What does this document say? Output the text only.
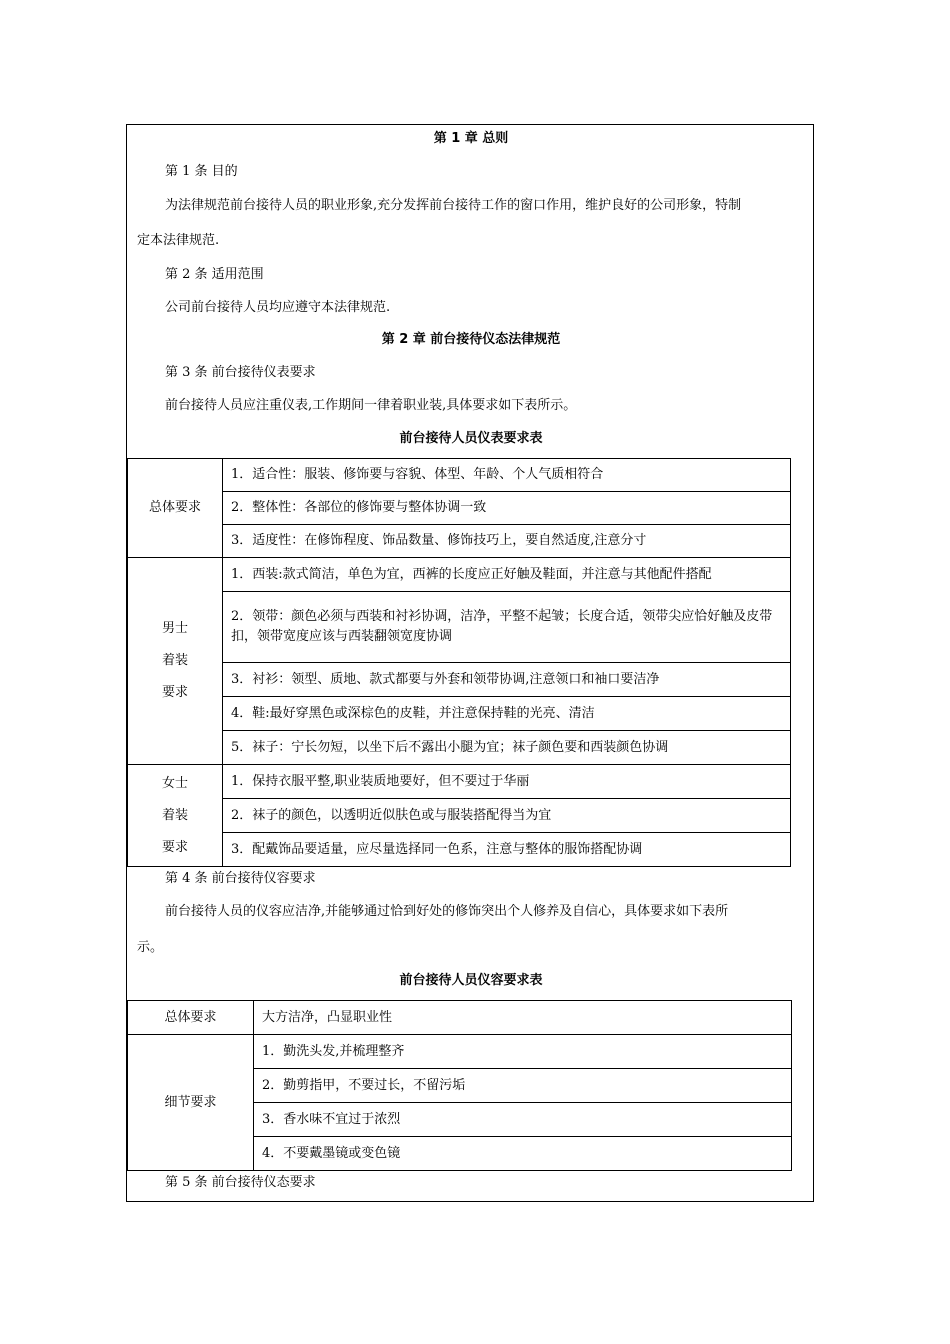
第 1 章 总则
第 1 条 目的
为法律规范前台接待人员的职业形象,充分发挥前台接待工作的窗口作用，维护良好的公司形象，特制
定本法律规范.
第 2 条 适用范围
公司前台接待人员均应遵守本法律规范.
第 2 章 前台接待仪态法律规范
第 3 条 前台接待仪表要求
前台接待人员应注重仪表,工作期间一律着职业装,具体要求如下表所示。
前台接待人员仪表要求表
总体要求	1．适合性：服装、修饰要与容貌、体型、年龄、个人气质相符合
	2．整体性：各部位的修饰要与整体协调一致
	3．适度性：在修饰程度、饰品数量、修饰技巧上，要自然适度,注意分寸

男士
着装
要求	1．西装:款式简洁，单色为宜，西裤的长度应正好触及鞋面，并注意与其他配件搭配
	2．领带：颜色必须与西装和衬衫协调，洁净，平整不起皱；长度合适，领带尖应恰好触及皮带扣，领带宽度应该与西装翻领宽度协调
	3．衬衫：领型、质地、款式都要与外套和领带协调,注意领口和袖口要洁净
	4．鞋:最好穿黑色或深棕色的皮鞋，并注意保持鞋的光亮、清洁
	5．袜子：宁长勿短，以坐下后不露出小腿为宜；袜子颜色要和西装颜色协调

女士
着装
要求	1．保持衣服平整,职业装质地要好，但不要过于华丽
	2．袜子的颜色，以透明近似肤色或与服装搭配得当为宜
	3．配戴饰品要适量，应尽量选择同一色系，注意与整体的服饰搭配协调
第 4 条 前台接待仪容要求
前台接待人员的仪容应洁净,并能够通过恰到好处的修饰突出个人修养及自信心，具体要求如下表所
示。
前台接待人员仪容要求表
总体要求	大方洁净，凸显职业性
细节要求	1．勤洗头发,并梳理整齐
	2．勤剪指甲，不要过长，不留污垢
	3．香水味不宜过于浓烈
	4．不要戴墨镜或变色镜
第 5 条 前台接待仪态要求
